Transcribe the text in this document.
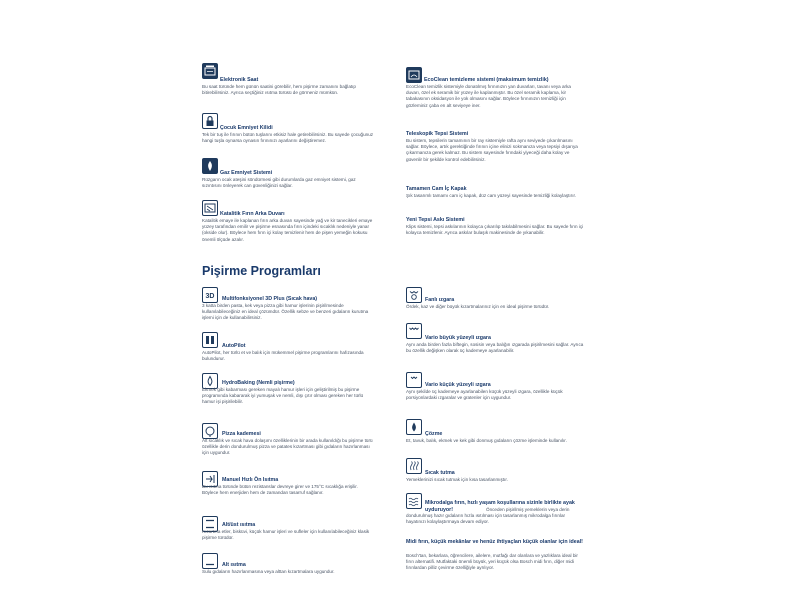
Elektronik Saat
Bu saat türünde hem günün saatini görebilir, hem pişirme zamanını bağlatıp bitirebilirsiniz. Ayrıca seçtiğiniz ısıtma türüsü de görmeniz mümkün.
Çocuk Emniyet Kilidi
Tek bir tuş ile fırının bütün tuşlarını etkisiz hale getirebilirsiniz. Bu sayede çocuğunuz hangi tuşla oynarsa oynasın fırınınızı ayarlarını değiştiremez.
Gaz Emniyet Sistemi
Rüzgarın ocak ateşini söndürmesi gibi durumlarda gaz emniyet sistemi, gaz sızıntısını önleyerek can güvenliğinizi sağlar.
Katalitik Fırın Arka Duvarı
Katalitik emaye ile kaplanan fırın arka duvarı sayesinde yağ ve kir tanecikleri emaye yüzey tarafından emilir ve pişirme esnasında fırın içindeki sıcaklık nedeniyle yanar (okside olur). Böylece hem fırın içi kolay temizlenir hem de pişen yemeğin kokusu önemli ölçüde azalır.
EcoClean temizleme sistemi (maksimum temizlik)
EcoClean temizlik sistemiyle donatılmış fırınınızın yan duvarları, tavanı veya arka duvarı, özel ek seramik bir yüzey ile kaplanmıştır. Bu özel seramik kaplama, kir tabakasının oksidasyon ile yok olmasını sağlar. Böylece fırınınızın temizliği için gözleminiz çaba en alt seviyeye iner.
Teleskopik Tepsi Sistemi
Bu sistem, tepsilerin tamamının bir ray sistemiyle rafta aynı seviyede çıkarılmasını sağlar. Böylece, artık gerektiğinde fırının içine elinizi sokmanıza veya tepsiyi dışarıya çıkarmanıza gerek kalmaz. Bu sistem sayesinde fırındaki yiyeceği daha kolay ve güvenlir bir şekilde kontrol edebilirsiniz.
Tamamen Cam İç Kapak
Şık tasarımlı tamamı cam iç kapak, düz cam yüzeyi sayesinde temizliği kolaylaştırır.
Yeni Tepsi Askı Sistemi
Klips sistemi, tepsi askılarının kolayca çıkarılıp takılabilmesini sağlar. Bu sayede fırın içi kolayca temizlenir. Ayrıca askılar bulaşık makinesinde de yıkanabilir.
Pişirme Programları
3D Multifonksiyonel 3D Plus (Sıcak hava)
3 katta birden pasta, kek veya pizza gibi hamur işlerinin pişirilmesinde kullanılabileceğiniz en ideal çözümdür. Özellik sebze ve benzeri gıdaların kurutma işlemi için de kullanabilirsiniz.
AutoPilot
AutoPilot, her türlü et ve balık için mükemmel pişirme programlarını hafızasında bulundurur.
HydroBaking (Nemli pişirme)
Ekmek gibi kabarması gereken mayalı hamur işleri için geliştirilmiş bu pişirme programında kabararak iyi yumuşak ve nemli, dışı çıtır olması gereken her türlü hamur işi pişirilebilir.
Pizza kademesi
Alt sıcaklık ve sıcak hava dolaşımı özelliklerinin bir arada kullanıldığı bu pişirme türü özellikle derin dondurulmuş pizza ve patates kızartması gibi gıdaların hazırlanması için uygundur.
Manuel Hızlı Ön Isıtma
Bu ısıtma türünde bütün rezistanslar devreye girer ve 175°C sıcaklığa erişilir. Böylece hem enerjiden hem de zamandan tasarruf sağlanır.
Alt/üst ısıtma
Kızartma etler, bisküvi, küçük hamur işleri ve sufleler için kullanılabileceğiniz klasik pişirme türüdür.
Alt ısıtma
Sulu gıdaların hazırlanmasına veya alttan kızartmalara uygundur.
Fanlı ızgara
Ördek, kaz ve diğer büyük kızartmalarınız için en ideal pişirme türüdür.
Vario büyük yüzeyli ızgara
Aynı anda birden fazla biftegin, sosisin veya balığın ızgarada pişirilmesini sağlar. Ayrıca bu özellik değişken olarak üç kademeye ayarlanabilir.
Vario küçük yüzeyli ızgara
Aynı şekilde üç kademeye ayarlanabilen küçük yüzeyli ızgara, özellikle küçük porsiyonlardaki ızgaralar ve gratenler için uygundur.
Çözme
Et, tavuk, balık, ekmek ve kek gibi donmuş gıdaların çözme işleminde kullanılır.
Sıcak tutma
Yemeklerinizi sıcak tutmak için kısa tasarlanmıştır.
Mikrodalga fırın, hızlı yaşam koşullarına sizinle birlikte ayak uyduruyor!	Önceden pişirilmiş yemeklerin veya derin dondurulmuş hazır gıdaların hızla ısıtılması için tasarlanmış mikrodalga fırınlar hayatınızı kolaylaştırmaya devam ediyor.
Midi fırın, küçük mekânlar ve henüz ihtiyaçları küçük olanlar için ideal!
Bosch'tan, bekarlara, öğrencilere, ailelere, mutfağı dar olanlara ve yazlıklara ideal bir fırın alternatifi. Mutfaktaki önemli büyük, yeri küçük olsa Bosch midi fırın, diğer midi fırınlardan pilliz çevirme özelliğiyle ayrılıyor.
